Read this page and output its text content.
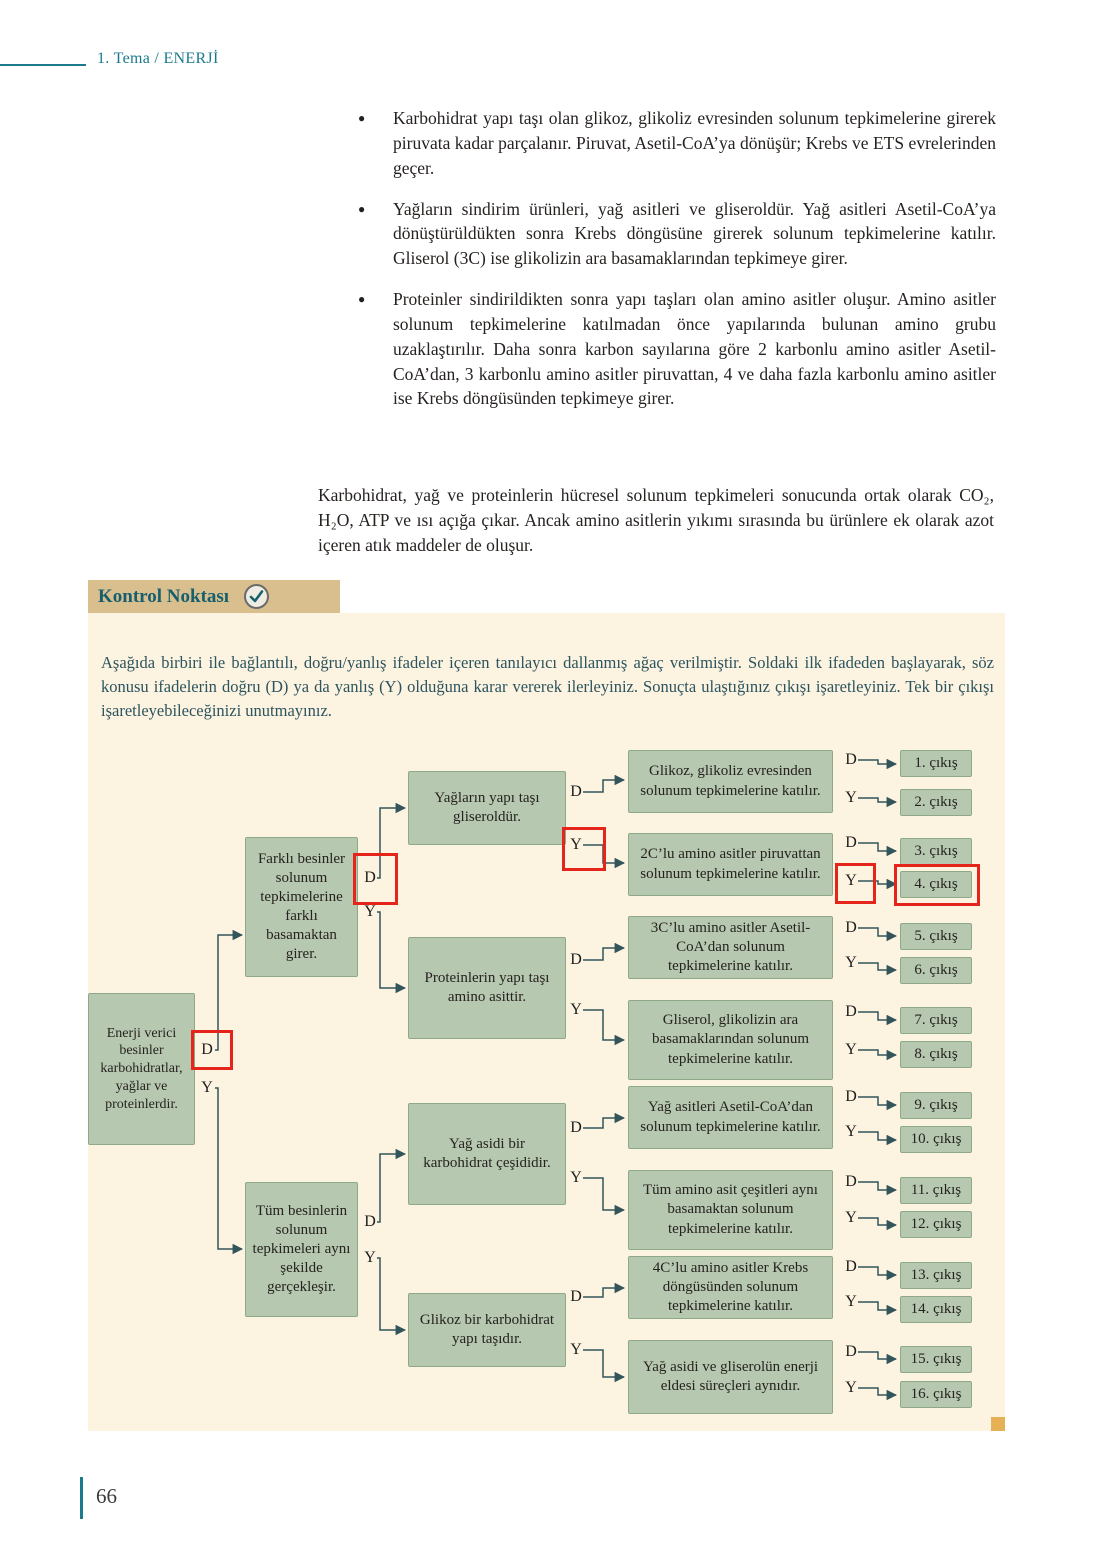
1. Tema / ENERJİ
●	Karbohidrat yapı taşı olan glikoz, glikoliz evresinden solunum tepkimelerine girerek piruvata kadar parçalanır. Piruvat, Asetil-CoA’ya dönüşür; Krebs ve ETS evrelerinden geçer.

●	Yağların sindirim ürünleri, yağ asitleri ve gliseroldür. Yağ asitleri Asetil-CoA’ya dönüştürüldükten sonra Krebs döngüsüne girerek solunum tepkimelerine katılır. Gliserol (3C) ise glikolizin ara basamaklarından tepkimeye girer.

●	Proteinler sindirildikten sonra yapı taşları olan amino asitler oluşur. Amino asitler solunum tepkimelerine katılmadan önce yapılarında bulunan amino grubu uzaklaştırılır. Daha sonra karbon sayılarına göre 2 karbonlu amino asitler Asetil-CoA’dan, 3 karbonlu amino asitler piruvattan, 4 ve daha fazla karbonlu amino asitler ise Krebs döngüsünden tepkimeye girer.

Karbohidrat, yağ ve proteinlerin hücresel solunum tepkimeleri sonucunda ortak olarak CO₂, H₂O, ATP ve ısı açığa çıkar. Ancak amino asitlerin yıkımı sırasında bu ürünlere ek olarak azot içeren atık maddeler de oluşur.

Kontrol Noktası

Aşağıda birbiri ile bağlantılı, doğru/yanlış ifadeler içeren tanılayıcı dallanmış ağaç verilmiştir. Soldaki ilk ifadeden başlayarak, söz konusu ifadelerin doğru (D) ya da yanlış (Y) olduğuna karar vererek ilerleyiniz. Sonuçta ulaştığınız çıkışı işaretleyiniz. Tek bir çıkışı işaretleyebileceğinizi unutmayınız.

Enerji verici besinler karbohidratlar, yağlar ve proteinlerdir.
Farklı besinler solunum tepkimelerine farklı basamaktan girer.
Tüm besinlerin solunum tepkimeleri aynı şekilde gerçekleşir.
Yağların yapı taşı gliseroldür.
Proteinlerin yapı taşı amino asittir.
Yağ asidi bir karbohidrat çeşididir.
Glikoz bir karbohidrat yapı taşıdır.
Glikoz, glikoliz evresinden solunum tepkimelerine katılır.
2C’lu amino asitler piruvattan solunum tepkimelerine katılır.
3C’lu amino asitler Asetil-CoA’dan solunum tepkimelerine katılır.
Gliserol, glikolizin ara basamaklarından solunum tepkimelerine katılır.
Yağ asitleri Asetil-CoA’dan solunum tepkimelerine katılır.
Tüm amino asit çeşitleri aynı basamaktan solunum tepkimelerine katılır.
4C’lu amino asitler Krebs döngüsünden solunum tepkimelerine katılır.
Yağ asidi ve gliserolün enerji eldesi süreçleri aynıdır.
1. çıkış
2. çıkış
3. çıkış
4. çıkış
5. çıkış
6. çıkış
7. çıkış
8. çıkış
9. çıkış
10. çıkış
11. çıkış
12. çıkış
13. çıkış
14. çıkış
15. çıkış
16. çıkış
D
Y
D
Y
D
Y
D
Y
D
Y
D
Y
D
Y
D
Y
D
Y
D
Y
D
Y
D
Y
D
Y
D
Y
D
Y
66
